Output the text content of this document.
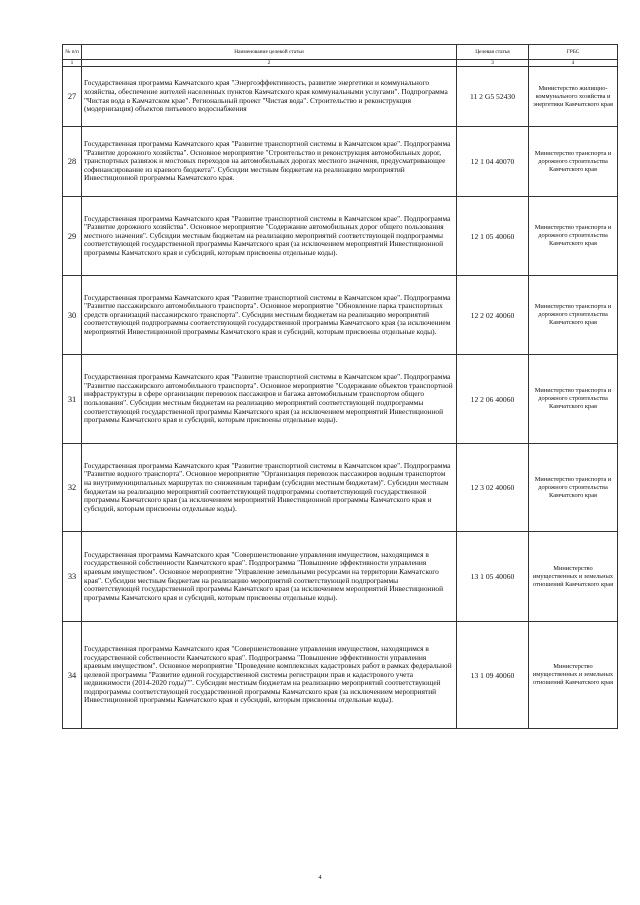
№ п/п	Наименование целевой статьи	Целевая статья	ГРБС
1	2	3	4
27	Государственная программа Камчатского края "Энергоэффективность, развитие энергетики и коммунального хозяйства, обеспечение жителей населенных пунктов Камчатского края коммунальными услугами". Подпрограмма "Чистая вода в Камчатском крае". Региональный проект "Чистая вода". Строительство и реконструкция (модернизация) объектов питьевого водоснабжения	11 2 G5 52430	Министерство жилищно-коммунального хозяйства и энергетики Камчатского края
28	Государственная программа Камчатского края "Развитие транспортной системы в Камчатском крае". Подпрограмма "Развитие дорожного хозяйства". Основное мероприятие "Строительство и реконструкция автомобильных дорог, транспортных развязок и мостовых переходов на автомобильных дорогах местного значения, предусматривающее софинансирование из краевого бюджета". Субсидии местным бюджетам на реализацию мероприятий Инвестиционной программы Камчатского края.	12 1 04 40070	Министерство транспорта и дорожного строительства Камчатского края
29	Государственная программа Камчатского края "Развитие транспортной системы в Камчатском крае". Подпрограмма "Развитие дорожного хозяйства". Основное мероприятие "Содержание автомобильных дорог общего пользования местного значения". Субсидии местным бюджетам на реализацию мероприятий соответствующей подпрограммы соответствующей государственной программы Камчатского края (за исключением мероприятий Инвестиционной программы Камчатского края и субсидий, которым присвоены отдельные коды).	12 1 05 40060	Министерство транспорта и дорожного строительства Камчатского края
30	Государственная программа Камчатского края "Развитие транспортной системы в Камчатском крае". Подпрограмма "Развитие пассажирского автомобильного транспорта". Основное мероприятие "Обновление парка транспортных средств организаций пассажирского транспорта". Субсидии местным бюджетам на реализацию мероприятий соответствующей подпрограммы соответствующей государственной программы Камчатского края (за исключением мероприятий Инвестиционной программы Камчатского края и субсидий, которым присвоены отдельные коды).	12 2 02 40060	Министерство транспорта и дорожного строительства Камчатского края
31	Государственная программа Камчатского края "Развитие транспортной системы в Камчатском крае". Подпрограмма "Развитие пассажирского автомобильного транспорта". Основное мероприятие "Содержание объектов транспортной инфраструктуры в сфере организации перевозок пассажиров и багажа автомобильным транспортом общего пользования". Субсидии местным бюджетам на реализацию мероприятий соответствующей подпрограммы соответствующей государственной программы Камчатского края (за исключением мероприятий Инвестиционной программы Камчатского края и субсидий, которым присвоены отдельные коды).	12 2 06 40060	Министерство транспорта и дорожного строительства Камчатского края
32	Государственная программа Камчатского края "Развитие транспортной системы в Камчатском крае". Подпрограмма "Развитие водного транспорта". Основное мероприятие "Организация перевозок пассажиров водным транспортом на внутримуниципальных маршрутах по сниженным тарифам (субсидии местным бюджетам)". Субсидии местным бюджетам на реализацию мероприятий соответствующей подпрограммы соответствующей государственной программы Камчатского края (за исключением мероприятий Инвестиционной программы Камчатского края и субсидий, которым присвоены отдельные коды).	12 3 02 40060	Министерство транспорта и дорожного строительства Камчатского края
33	Государственная программа Камчатского края "Совершенствование управления имуществом, находящимся в государственной собственности Камчатского края". Подпрограмма "Повышение эффективности управления краевым имуществом". Основное мероприятие "Управление земельными ресурсами на территории Камчатского края". Субсидии местным бюджетам на реализацию мероприятий соответствующей подпрограммы соответствующей государственной программы Камчатского края (за исключением мероприятий Инвестиционной программы Камчатского края и субсидий, которым присвоены отдельные коды).	13 1 05 40060	Министерство имущественных и земельных отношений Камчатского края
34	Государственная программа Камчатского края "Совершенствование управления имуществом, находящимся в государственной собственности Камчатского края". Подпрограмма "Повышение эффективности управления краевым имуществом". Основное мероприятие "Проведение комплексных кадастровых работ в рамках федеральной целевой программы "Развитие единой государственной системы регистрации прав и кадастрового учета недвижимости (2014-2020 годы)"". Субсидии местным бюджетам на реализацию мероприятий соответствующей подпрограммы соответствующей государственной программы Камчатского края (за исключением мероприятий Инвестиционной программы Камчатского края и субсидий, которым присвоены отдельные коды).	13 1 09 40060	Министерство имущественных и земельных отношений Камчатского края
4
